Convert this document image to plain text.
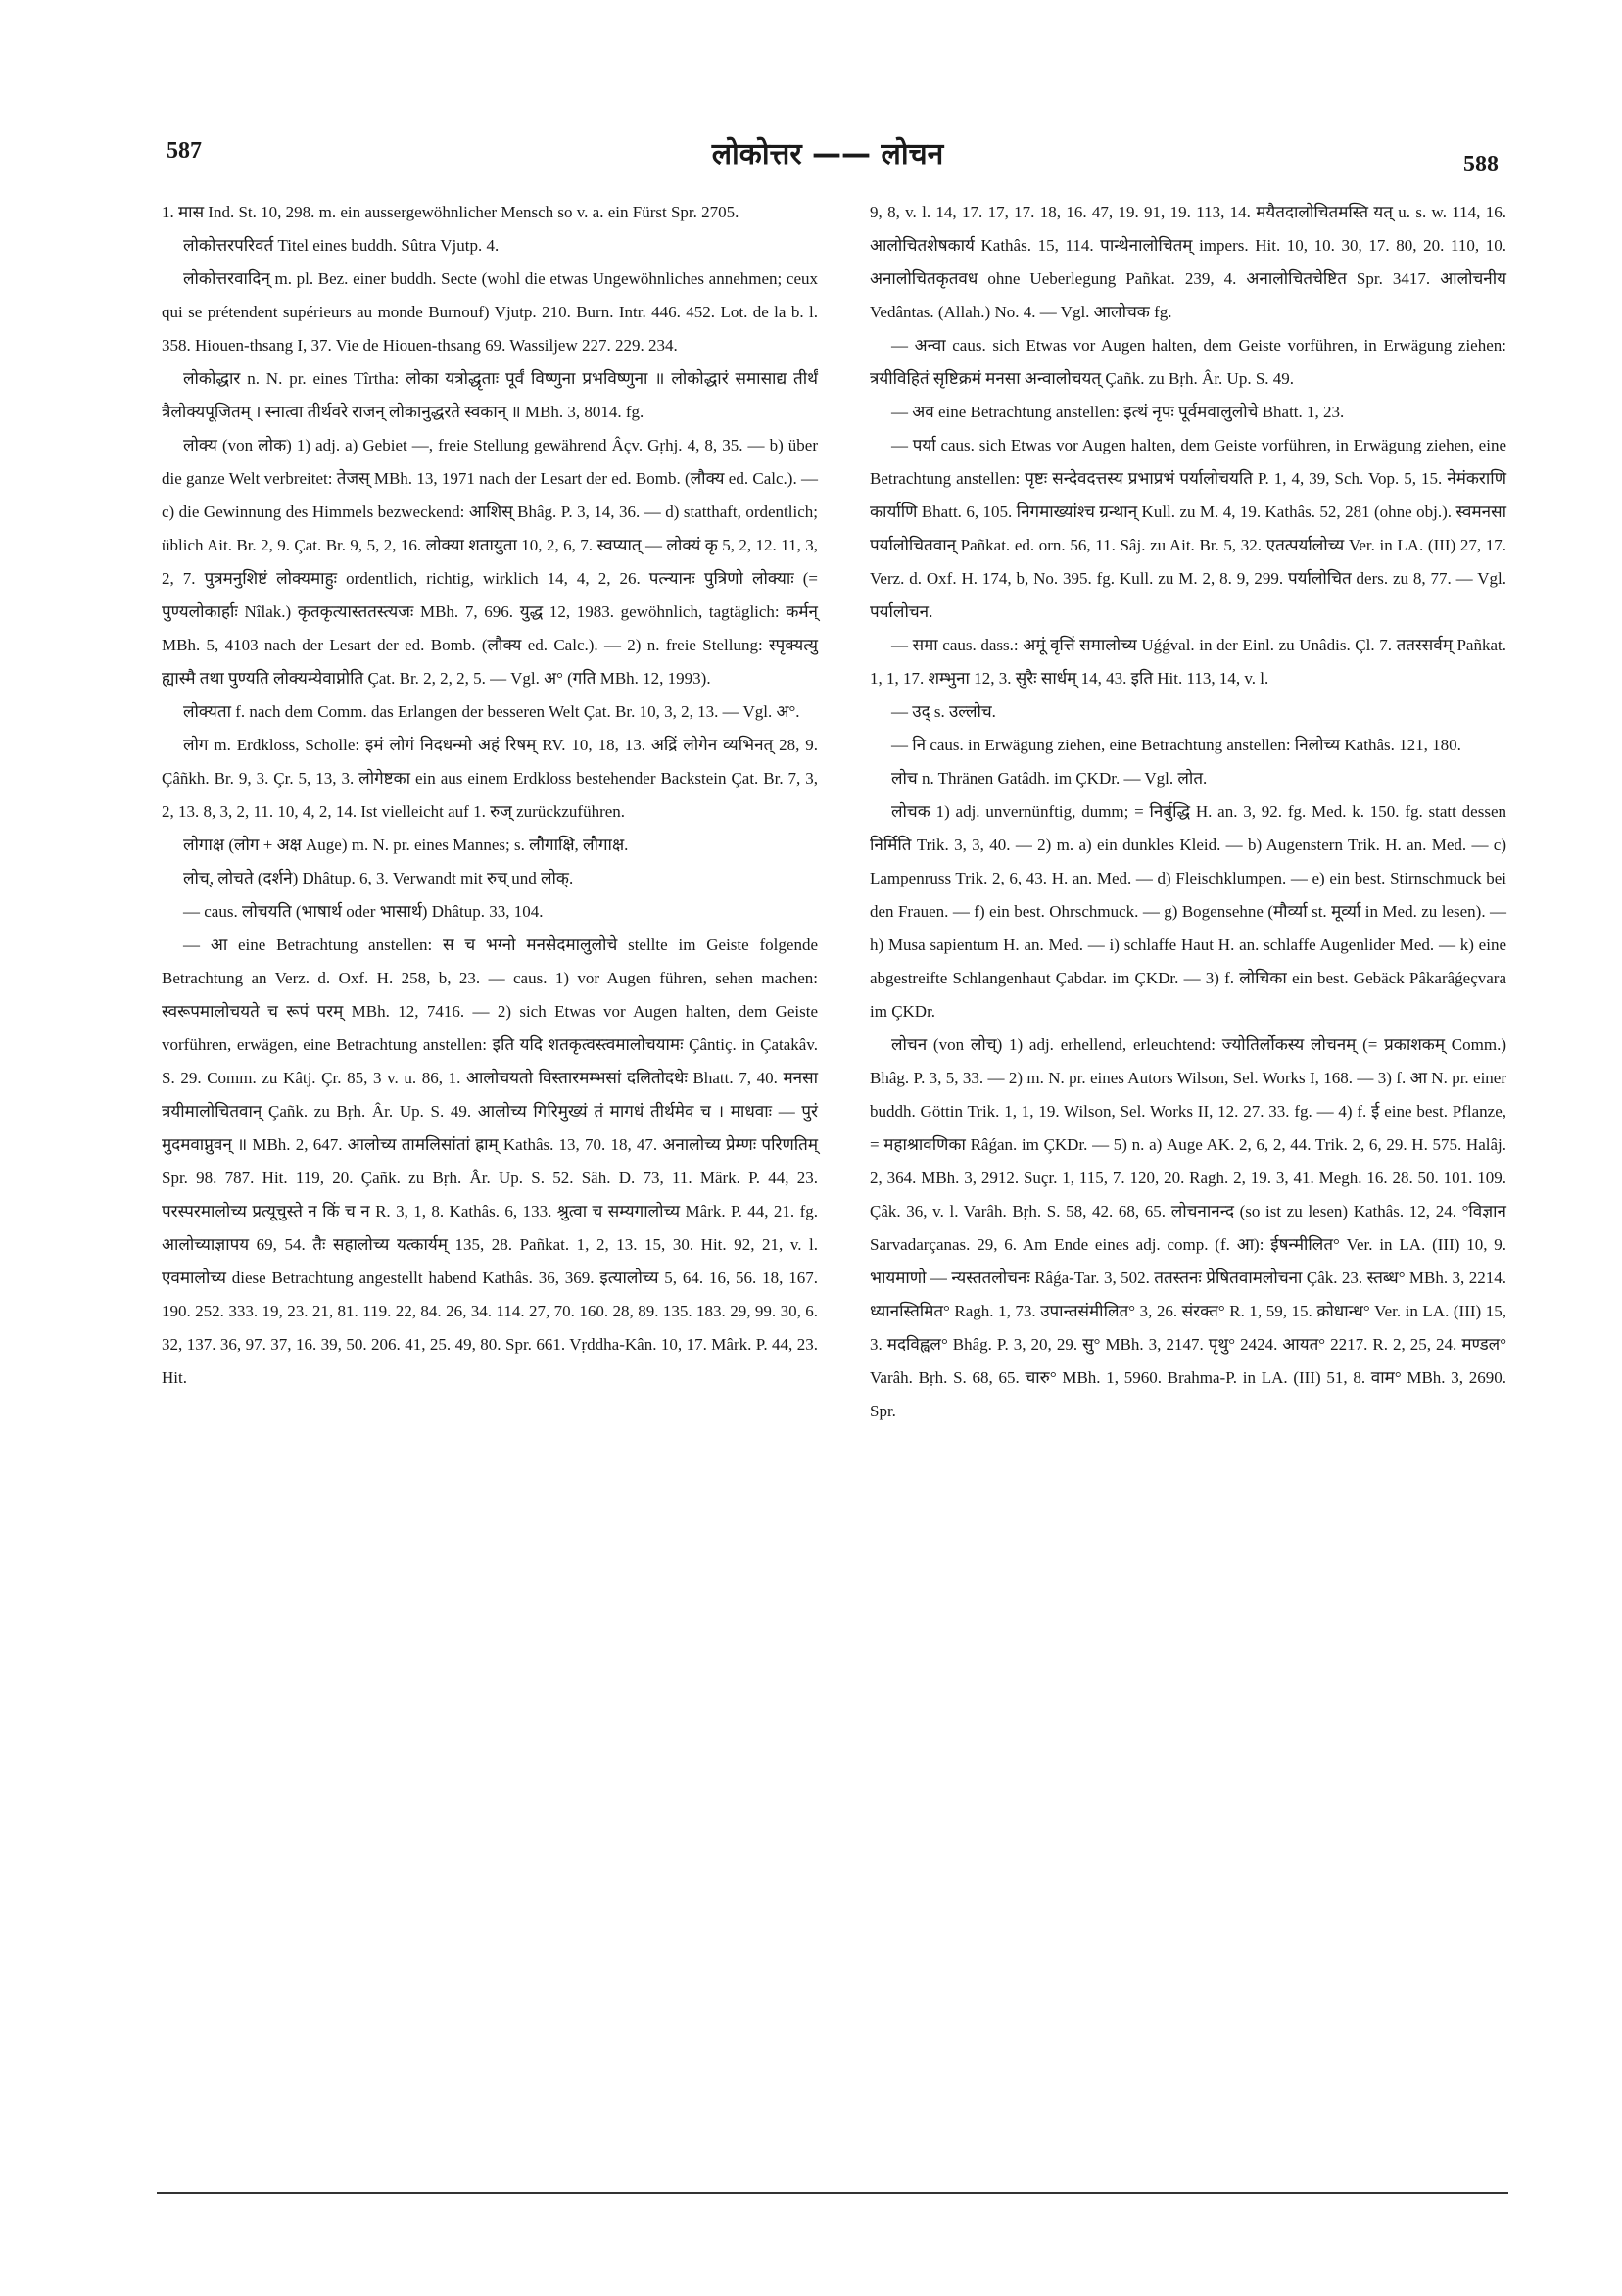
587	लोकोत्तर —— लोचन	588

1. मास Ind. St. 10, 298. m. ein aussergewöhnlicher Mensch so v. a. ein Fürst Spr. 2705.

लोकोत्तरपरिवर्त Titel eines buddh. Sûtra Vjutp. 4.

लोकोत्तरवादिन् m. pl. Bez. einer buddh. Secte (wohl die etwas Ungewöhnliches annehmen; ceux qui se prétendent supérieurs au monde Burnouf) Vjutp. 210. Burn. Intr. 446. 452. Lot. de la b. l. 358. Hiouen-thsang I, 37. Vie de Hiouen-thsang 69. Wassiljew 227. 229. 234.

लोकोद्धार n. N. pr. eines Tîrtha: लोका यत्रोद्धृताः पूर्वं विष्णुना प्रभविष्णुना ॥ लोकोद्धारं समासाद्य तीर्थं त्रैलोक्यपूजितम् । स्नात्वा तीर्थवरे राजन् लोकानुद्धरते स्वकान् ॥ MBh. 3, 8014. fg.

लोक्य (von लोक) 1) adj. a) Gebiet —, freie Stellung gewährend Âçv. Gṛhj. 4, 8, 35. — b) über die ganze Welt verbreitet: तेजस् MBh. 13, 1971 nach der Lesart der ed. Bomb. (लौक्य ed. Calc.). — c) die Gewinnung des Himmels bezweckend: आशिस् Bhâg. P. 3, 14, 36. — d) statthaft, ordentlich; üblich Ait. Br. 2, 9. Çat. Br. 9, 5, 2, 16. लोक्या शतायुता 10, 2, 6, 7. स्वप्यात् — लोक्यं कृ 5, 2, 12. 11, 3, 2, 7. पुत्रमनुशिष्टं लोक्यमाहुः ordentlich, richtig, wirklich 14, 4, 2, 26. पत्न्यानः पुत्रिणो लोक्याः (= पुण्यलोकार्हाः Nîlak.) कृतकृत्यास्ततस्त्यजः MBh. 7, 696. युद्ध 12, 1983. gewöhnlich, tagtäglich: कर्मन् MBh. 5, 4103 nach der Lesart der ed. Bomb. (लौक्य ed. Calc.). — 2) n. freie Stellung: स्पृक्यत्यु ह्यास्मै तथा पुण्यति लोक्यम्येवाप्नोति Çat. Br. 2, 2, 2, 5. — Vgl. अ° (गति MBh. 12, 1993).

लोक्यता f. nach dem Comm. das Erlangen der besseren Welt Çat. Br. 10, 3, 2, 13. — Vgl. अ°.

लोग m. Erdkloss, Scholle: इमं लोगं निदधन्मो अहं रिषम् RV. 10, 18, 13. अद्रिं लोगेन व्यभिनत् 28, 9. Çâñkh. Br. 9, 3. Çr. 5, 13, 3. लोगेष्टका ein aus einem Erdkloss bestehender Backstein Çat. Br. 7, 3, 2, 13. 8, 3, 2, 11. 10, 4, 2, 14. Ist vielleicht auf 1. रुज् zurückzuführen.

लोगाक्ष (लोग + अक्ष Auge) m. N. pr. eines Mannes; s. लौगाक्षि, लौगाक्ष.

लोच्, लोचते (दर्शने) Dhâtup. 6, 3. Verwandt mit रुच् und लोक्.

— caus. लोचयति (भाषार्थ oder भासार्थ) Dhâtup. 33, 104.

— आ eine Betrachtung anstellen: स च भग्नो मनसेदमालुलोचे stellte im Geiste folgende Betrachtung an Verz. d. Oxf. H. 258, b, 23. — caus. 1) vor Augen führen, sehen machen: स्वरूपमालोचयते च रूपं परम् MBh. 12, 7416. — 2) sich Etwas vor Augen halten, dem Geiste vorführen, erwägen, eine Betrachtung anstellen: इति यदि शतकृत्वस्त्वमालोचयामः Çântiç. in Çatakâv. S. 29. Comm. zu Kâtj. Çr. 85, 3 v. u. 86, 1. आलोचयतो विस्तारमम्भसां दलितोदधेः Bhatt. 7, 40. मनसा त्रयीमालोचितवान् Çañk. zu Bṛh. Âr. Up. S. 49. आलोच्य गिरिमुख्यं तं मागधं तीर्थमेव च । माधवाः — पुरं मुदमवाप्नुवन् ॥ MBh. 2, 647. आलोच्य तामलिसांतां ह्राम् Kathâs. 13, 70. 18, 47. अनालोच्य प्रेम्णः परिणतिम् Spr. 98. 787. Hit. 119, 20. Çañk. zu Bṛh. Âr. Up. S. 52. Sâh. D. 73, 11. Mârk. P. 44, 23. परस्परमालोच्य प्रत्यूचुस्ते न किं च न R. 3, 1, 8. Kathâs. 6, 133. श्रुत्वा च सम्यगालोच्य Mârk. P. 44, 21. fg. आलोच्याज्ञापय 69, 54. तैः सहालोच्य यत्कार्यम् 135, 28. Pañkat. 1, 2, 13. 15, 30. Hit. 92, 21, v. l. एवमालोच्य diese Betrachtung angestellt habend Kathâs. 36, 369. इत्यालोच्य 5, 64. 16, 56. 18, 167. 190. 252. 333. 19, 23. 21, 81. 119. 22, 84. 26, 34. 114. 27, 70. 160. 28, 89. 135. 183. 29, 99. 30, 6. 32, 137. 36, 97. 37, 16. 39, 50. 206. 41, 25. 49, 80. Spr. 661. Vṛddha-Kân. 10, 17. Mârk. P. 44, 23. Hit.

9, 8, v. l. 14, 17. 17, 17. 18, 16. 47, 19. 91, 19. 113, 14. मयैतदालोचितमस्ति यत् u. s. w. 114, 16. आलोचितशेषकार्य Kathâs. 15, 114. पान्थेनालोचितम् impers. Hit. 10, 10. 30, 17. 80, 20. 110, 10. अनालोचितकृतवध ohne Ueberlegung Pañkat. 239, 4. अनालोचितचेष्टित Spr. 3417. आलोचनीय Vedântas. (Allah.) No. 4. — Vgl. आलोचक fg.

— अन्वा caus. sich Etwas vor Augen halten, dem Geiste vorführen, in Erwägung ziehen: त्रयीविहितं सृष्टिक्रमं मनसा अन्वालोचयत् Çañk. zu Bṛh. Âr. Up. S. 49.

— अव eine Betrachtung anstellen: इत्थं नृपः पूर्वमवालुलोचे Bhatt. 1, 23.

— पर्या caus. sich Etwas vor Augen halten, dem Geiste vorführen, in Erwägung ziehen, eine Betrachtung anstellen: पृष्टः सन्देवदत्तस्य प्रभाप्रभं पर्यालोचयति P. 1, 4, 39, Sch. Vop. 5, 15. नेमंकराणि कार्याणि Bhatt. 6, 105. निगमाख्यांश्च ग्रन्थान् Kull. zu M. 4, 19. Kathâs. 52, 281 (ohne obj.). स्वमनसा पर्यालोचितवान् Pañkat. ed. orn. 56, 11. Sâj. zu Ait. Br. 5, 32. एतत्पर्यालोच्य Ver. in LA. (III) 27, 17. Verz. d. Oxf. H. 174, b, No. 395. fg. Kull. zu M. 2, 8. 9, 299. पर्यालोचित ders. zu 8, 77. — Vgl. पर्यालोचन.

— समा caus. dass.: अमूं वृत्तिं समालोच्य Uǵǵval. in der Einl. zu Unâdis. Çl. 7. ततस्सर्वम् Pañkat. 1, 1, 17. शम्भुना 12, 3. सुरैः सार्धम् 14, 43. इति Hit. 113, 14, v. l.

— उद् s. उल्लोच.

— नि caus. in Erwägung ziehen, eine Betrachtung anstellen: निलोच्य Kathâs. 121, 180.

लोच n. Thränen Gatâdh. im ÇKDr. — Vgl. लोत.

लोचक 1) adj. unvernünftig, dumm; = निर्बुद्धि H. an. 3, 92. fg. Med. k. 150. fg. statt dessen निर्मिति Trik. 3, 3, 40. — 2) m. a) ein dunkles Kleid. — b) Augenstern Trik. H. an. Med. — c) Lampenruss Trik. 2, 6, 43. H. an. Med. — d) Fleischklumpen. — e) ein best. Stirnschmuck bei den Frauen. — f) ein best. Ohrschmuck. — g) Bogensehne (मौर्व्या st. मूर्व्या in Med. zu lesen). — h) Musa sapientum H. an. Med. — i) schlaffe Haut H. an. schlaffe Augenlider Med. — k) eine abgestreifte Schlangenhaut Çabdar. im ÇKDr. — 3) f. लोचिका ein best. Gebäck Pâkarâǵeçvara im ÇKDr.

लोचन (von लोच्) 1) adj. erhellend, erleuchtend: ज्योतिर्लोकस्य लोचनम् (= प्रकाशकम् Comm.) Bhâg. P. 3, 5, 33. — 2) m. N. pr. eines Autors Wilson, Sel. Works I, 168. — 3) f. आ N. pr. einer buddh. Göttin Trik. 1, 1, 19. Wilson, Sel. Works II, 12. 27. 33. fg. — 4) f. ई eine best. Pflanze, = महाश्रावणिका Râǵan. im ÇKDr. — 5) n. a) Auge AK. 2, 6, 2, 44. Trik. 2, 6, 29. H. 575. Halâj. 2, 364. MBh. 3, 2912. Suçr. 1, 115, 7. 120, 20. Ragh. 2, 19. 3, 41. Megh. 16. 28. 50. 101. 109. Çâk. 36, v. l. Varâh. Bṛh. S. 58, 42. 68, 65. लोचनानन्द (so ist zu lesen) Kathâs. 12, 24. °विज्ञान Sarvadarçanas. 29, 6. Am Ende eines adj. comp. (f. आ): ईषन्मीलित° Ver. in LA. (III) 10, 9. भायमाणो — न्यस्ततलोचनः Râǵa-Tar. 3, 502. ततस्तनः प्रेषितवामलोचना Çâk. 23. स्तब्ध° MBh. 3, 2214. ध्यानस्तिमित° Ragh. 1, 73. उपान्तसंमीलित° 3, 26. संरक्त° R. 1, 59, 15. क्रोधान्ध° Ver. in LA. (III) 15, 3. मदविह्वल° Bhâg. P. 3, 20, 29. सु° MBh. 3, 2147. पृथु° 2424. आयत° 2217. R. 2, 25, 24. मण्डल° Varâh. Bṛh. S. 68, 65. चारु° MBh. 1, 5960. Brahma-P. in LA. (III) 51, 8. वाम° MBh. 3, 2690. Spr.
